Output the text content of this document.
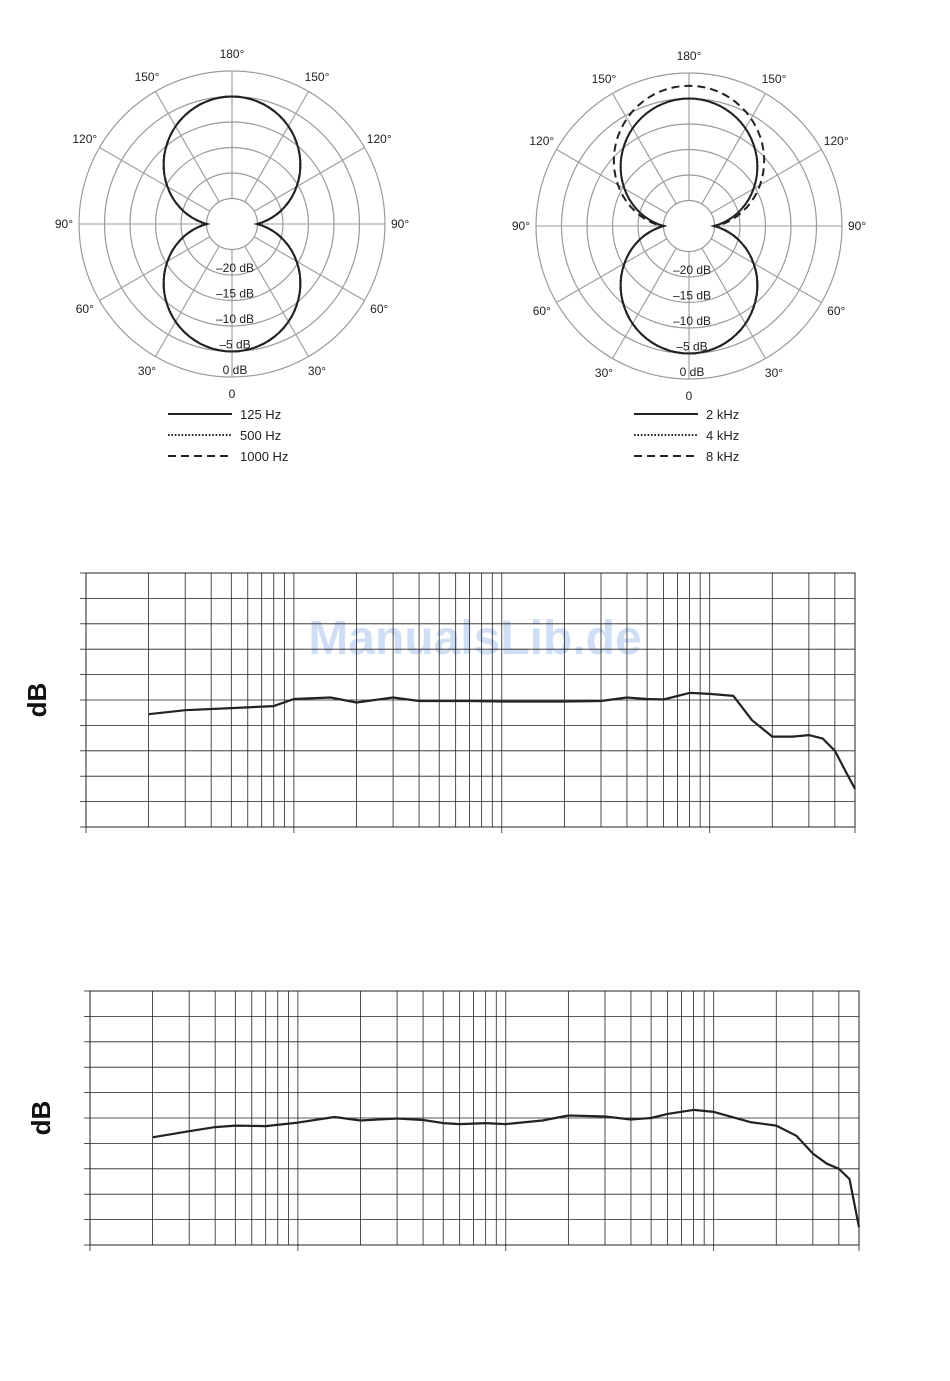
ManualsLib.de
180°
150°	150°
120°	120°
90°	90°
60°	60°
30°	30°
0
0 dB
–5 dB
–10 dB
–15 dB
–20 dB
125 Hz
500 Hz
1000 Hz
180°
150°	150°
120°	120°
90°	90°
60°	60°
30°	30°
0
0 dB
–5 dB
–10 dB
–15 dB
–20 dB
2 kHz
4 kHz
8 kHz
dB
dB
